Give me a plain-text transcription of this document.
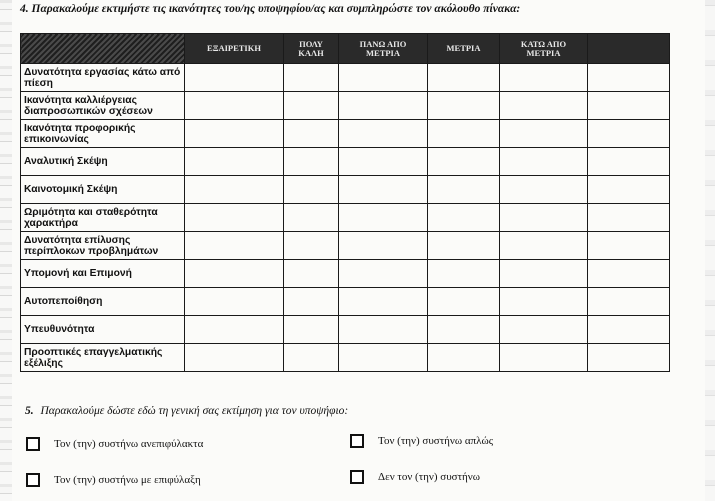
4. Παρακαλούμε εκτιμήστε τις ικανότητες του/ης υποψηφίου/ας και συμπληρώστε τον ακόλουθο πίνακα:
	ΕΞΑΙΡΕΤΙΚΗ	ΠΟΛΥ ΚΑΛΗ	ΠΑΝΩ ΑΠΟ ΜΕΤΡΙΑ	ΜΕΤΡΙΑ	ΚΑΤΩ ΑΠΟ ΜΕΤΡΙΑ	
Δυνατότητα εργασίας κάτω από πίεση						
Ικανότητα καλλιέργειας διαπροσωπικών σχέσεων						
Ικανότητα προφορικής επικοινωνίας						
Αναλυτική Σκέψη						
Καινοτομική Σκέψη						
Ωριμότητα και σταθερότητα χαρακτήρα						
Δυνατότητα επίλυσης περίπλοκων προβλημάτων						
Υπομονή και Επιμονή						
Αυτοπεποίθηση						
Υπευθυνότητα						
Προοπτικές επαγγελματικής εξέλιξης						
5. Παρακαλούμε δώστε εδώ τη γενική σας εκτίμηση για τον υποψήφιο:
Τον (την) συστήνω ανεπιφύλακτα	Τον (την) συστήνω απλώς
Τον (την) συστήνω με επιφύλαξη	Δεν τον (την) συστήνω
